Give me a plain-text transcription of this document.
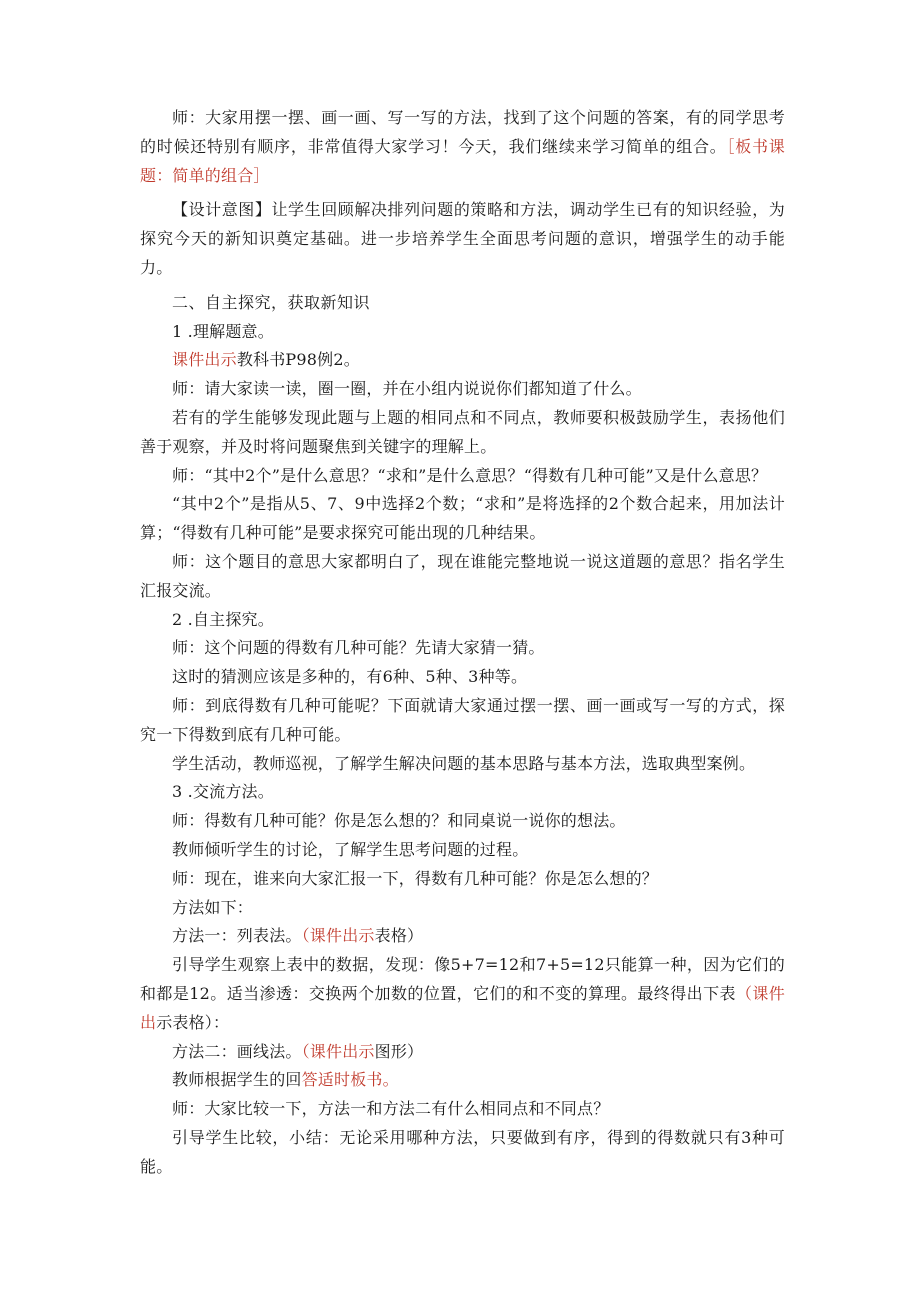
师：大家用摆一摆、画一画、写一写的方法，找到了这个问题的答案，有的同学思考的时候还特别有顺序，非常值得大家学习！今天，我们继续来学习简单的组合。［板书课题：简单的组合］

【设计意图】让学生回顾解决排列问题的策略和方法，调动学生已有的知识经验，为探究今天的新知识奠定基础。进一步培养学生全面思考问题的意识，增强学生的动手能力。

二、自主探究，获取新知识

1 .理解题意。

课件出示教科书P98例2。

师：请大家读一读，圈一圈，并在小组内说说你们都知道了什么。

若有的学生能够发现此题与上题的相同点和不同点，教师要积极鼓励学生，表扬他们善于观察，并及时将问题聚焦到关键字的理解上。

师：“其中2个”是什么意思？“求和”是什么意思？“得数有几种可能”又是什么意思？

“其中2个”是指从5、7、9中选择2个数；“求和”是将选择的2个数合起来，用加法计算；“得数有几种可能”是要求探究可能出现的几种结果。

师：这个题目的意思大家都明白了，现在谁能完整地说一说这道题的意思？指名学生汇报交流。

2 .自主探究。

师：这个问题的得数有几种可能？先请大家猜一猜。

这时的猜测应该是多种的，有6种、5种、3种等。

师：到底得数有几种可能呢？下面就请大家通过摆一摆、画一画或写一写的方式，探究一下得数到底有几种可能。

学生活动，教师巡视，了解学生解决问题的基本思路与基本方法，选取典型案例。

3 .交流方法。

师：得数有几种可能？你是怎么想的？和同桌说一说你的想法。

教师倾听学生的讨论，了解学生思考问题的过程。

师：现在，谁来向大家汇报一下，得数有几种可能？你是怎么想的？

方法如下：

方法一：列表法。（课件出示表格）

引导学生观察上表中的数据，发现：像5+7=12和7+5=12只能算一种，因为它们的和都是12。适当渗透：交换两个加数的位置，它们的和不变的算理。最终得出下表（课件出示表格）：

方法二：画线法。（课件出示图形）

教师根据学生的回答适时板书。

师：大家比较一下，方法一和方法二有什么相同点和不同点？

引导学生比较，小结：无论采用哪种方法，只要做到有序，得到的得数就只有3种可能。
